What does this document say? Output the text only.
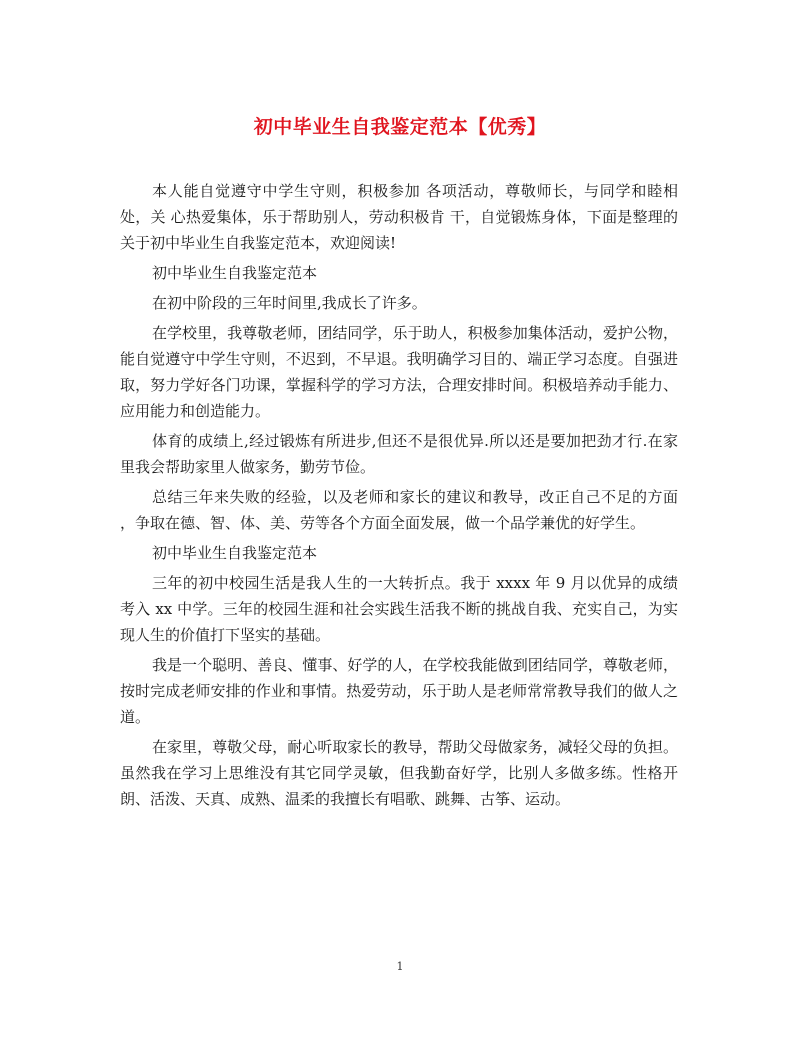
初中毕业生自我鉴定范本【优秀】

本人能自觉遵守中学生守则，积极参加 各项活动，尊敬师长，与同学和睦相处，关 心热爱集体，乐于帮助别人，劳动积极肯 干，自觉锻炼身体，下面是整理的关于初中毕业生自我鉴定范本，欢迎阅读!

初中毕业生自我鉴定范本

在初中阶段的三年时间里,我成长了许多。

在学校里，我尊敬老师，团结同学，乐于助人，积极参加集体活动，爱护公物，能自觉遵守中学生守则，不迟到，不早退。我明确学习目的、端正学习态度。自强进取，努力学好各门功课，掌握科学的学习方法，合理安排时间。积极培养动手能力、应用能力和创造能力。

体育的成绩上,经过锻炼有所进步,但还不是很优异.所以还是要加把劲才行.在家里我会帮助家里人做家务，勤劳节俭。

总结三年来失败的经验，以及老师和家长的建议和教导，改正自己不足的方面 ，争取在德、智、体、美、劳等各个方面全面发展，做一个品学兼优的好学生。

初中毕业生自我鉴定范本

三年的初中校园生活是我人生的一大转折点。我于 xxxx 年 9 月以优异的成绩考入 xx 中学。三年的校园生涯和社会实践生活我不断的挑战自我、充实自己，为实现人生的价值打下坚实的基础。

我是一个聪明、善良、懂事、好学的人，在学校我能做到团结同学，尊敬老师，按时完成老师安排的作业和事情。热爱劳动，乐于助人是老师常常教导我们的做人之道。

在家里，尊敬父母，耐心听取家长的教导，帮助父母做家务，减轻父母的负担。虽然我在学习上思维没有其它同学灵敏，但我勤奋好学，比别人多做多练。性格开朗、活泼、天真、成熟、温柔的我擅长有唱歌、跳舞、古筝、运动。

1
